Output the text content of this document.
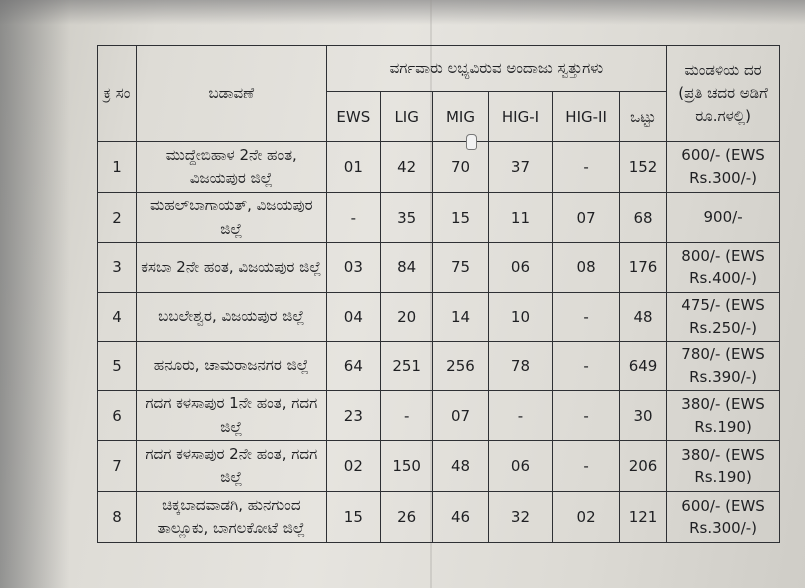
ಕ್ರ ಸಂ	ಬಡಾವಣೆ	ವರ್ಗವಾರು ಲಭ್ಯವಿರುವ ಅಂದಾಜು ಸ್ವತ್ತುಗಳು						ಮಂಡಳಿಯ ದರ (ಪ್ರತಿ ಚದರ ಅಡಿಗೆ ರೂ.ಗಳಲ್ಲಿ)
		EWS	LIG	MIG	HIG-I	HIG-II	ಒಟ್ಟು	
1	ಮುದ್ದೇಬಿಹಾಳ 2ನೇ ಹಂತ, ವಿಜಯಪುರ ಜಿಲ್ಲೆ	01	42	70	37	-	152	600/- (EWS Rs.300/-)
2	ಮಹಲ್‌ಬಾಗಾಯತ್, ವಿಜಯಪುರ ಜಿಲ್ಲೆ	-	35	15	11	07	68	900/-
3	ಕಸಬಾ 2ನೇ ಹಂತ, ವಿಜಯಪುರ ಜಿಲ್ಲೆ	03	84	75	06	08	176	800/- (EWS Rs.400/-)
4	ಬಬಲೇಶ್ವರ, ವಿಜಯಪುರ ಜಿಲ್ಲೆ	04	20	14	10	-	48	475/- (EWS Rs.250/-)
5	ಹನೂರು, ಚಾಮರಾಜನಗರ ಜಿಲ್ಲೆ	64	251	256	78	-	649	780/- (EWS Rs.390/-)
6	ಗದಗ ಕಳಸಾಪುರ 1ನೇ ಹಂತ, ಗದಗ ಜಿಲ್ಲೆ	23	-	07	-	-	30	380/- (EWS Rs.190)
7	ಗದಗ ಕಳಸಾಪುರ 2ನೇ ಹಂತ, ಗದಗ ಜಿಲ್ಲೆ	02	150	48	06	-	206	380/- (EWS Rs.190)
8	ಚಿಕ್ಕಬಾದವಾಡಗಿ, ಹುನಗುಂದ ತಾಲ್ಲೂಕು, ಬಾಗಲಕೋಟೆ ಜಿಲ್ಲೆ	15	26	46	32	02	121	600/- (EWS Rs.300/-)
